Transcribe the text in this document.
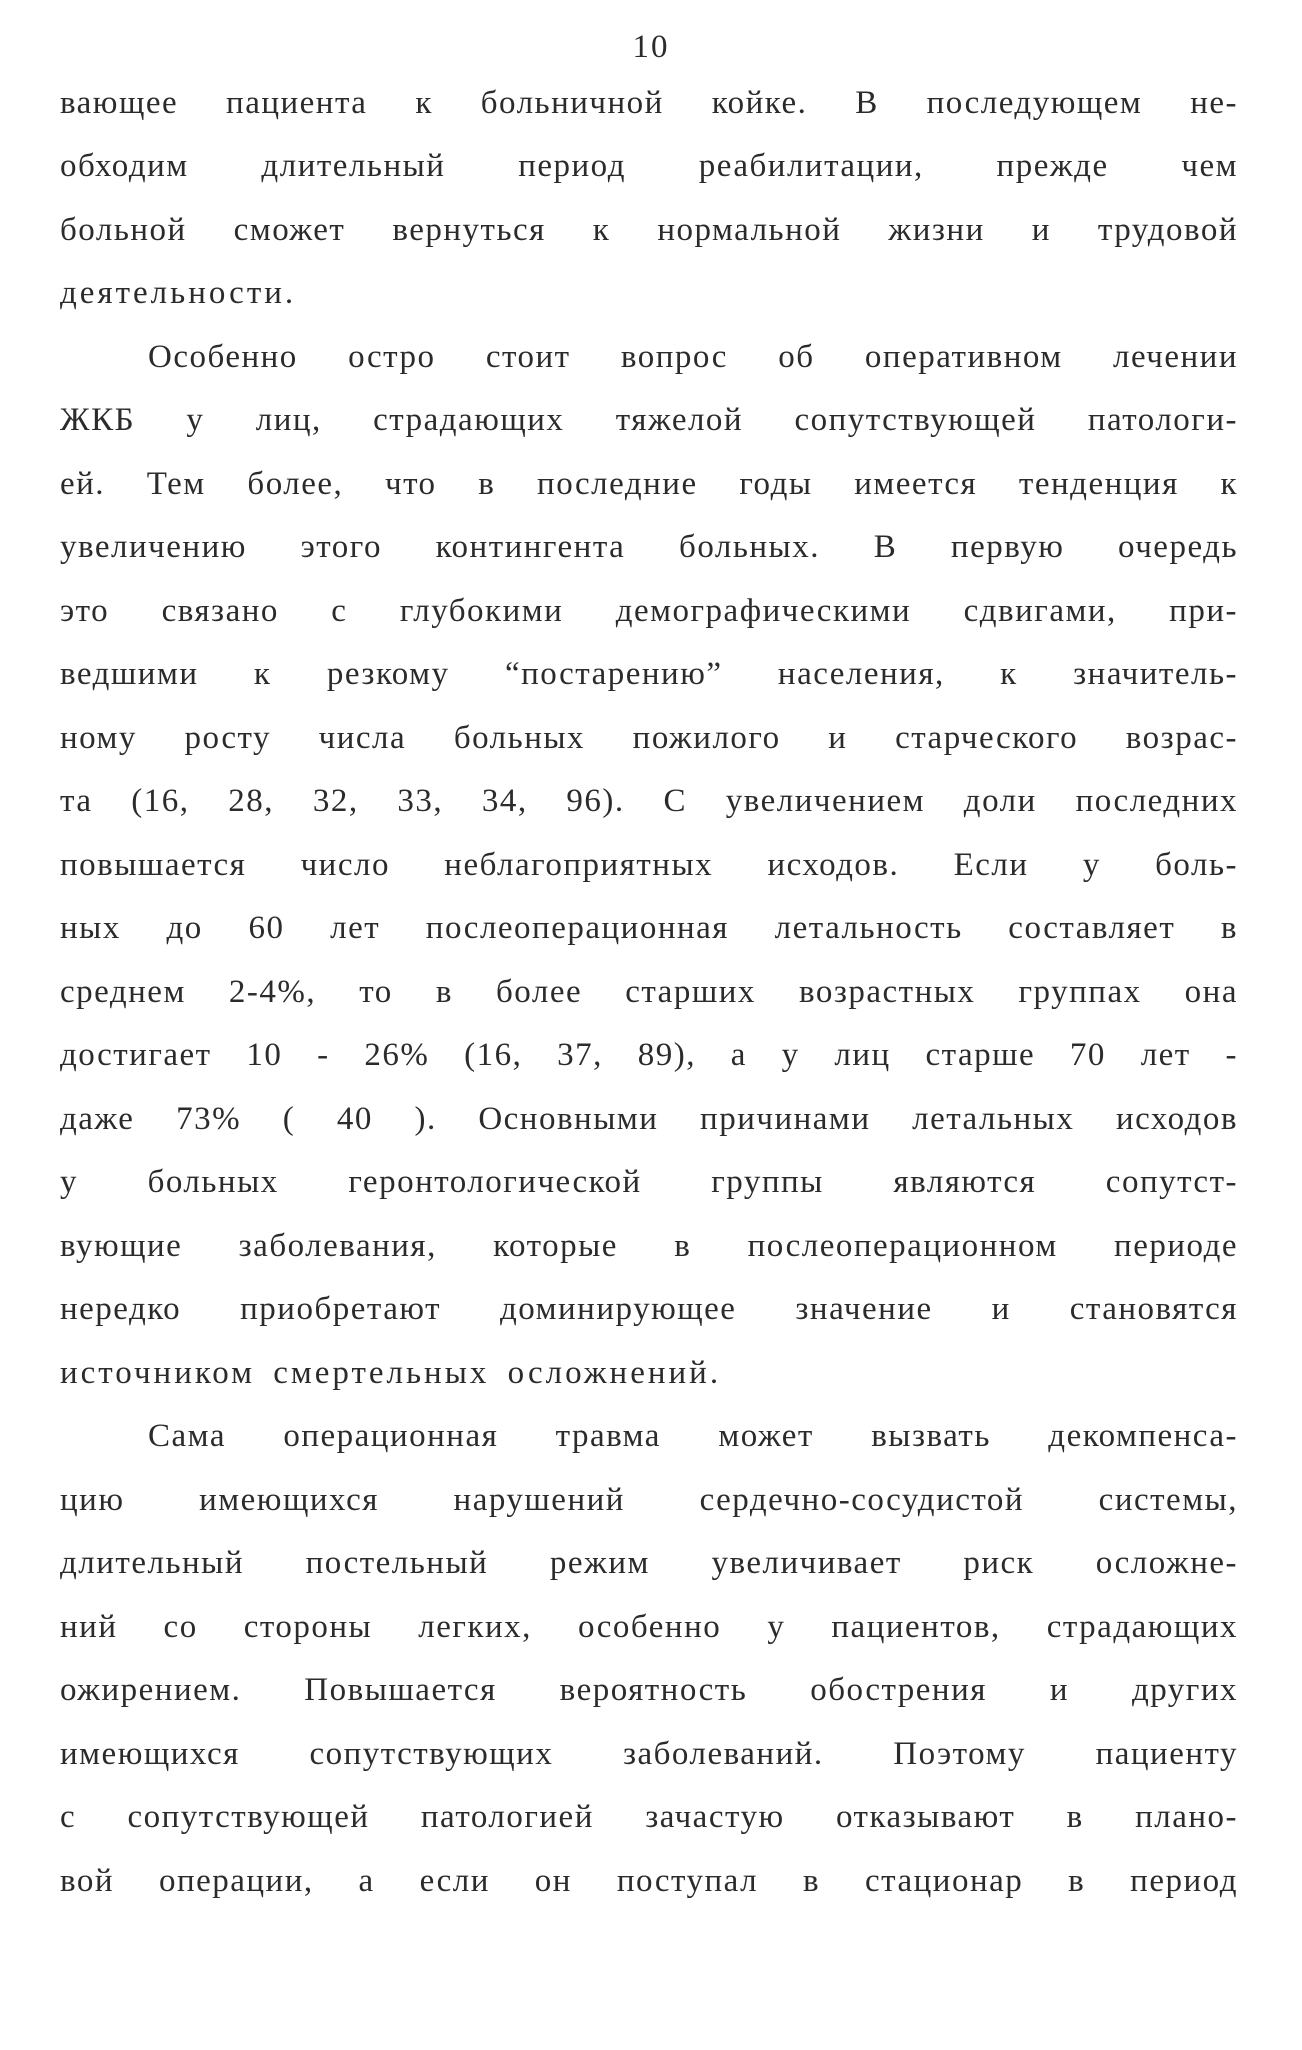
10
вающее пациента к больничной койке. В последующем не-
обходим длительный период реабилитации, прежде чем
больной сможет вернуться к нормальной жизни и трудовой
деятельности.
Особенно остро стоит вопрос об оперативном лечении
ЖКБ у лиц, страдающих тяжелой сопутствующей патологи-
ей. Тем более, что в последние годы имеется тенденция к
увеличению этого контингента больных. В первую очередь
это связано с глубокими демографическими сдвигами, при-
ведшими к резкому “постарению” населения, к значитель-
ному росту числа больных пожилого и старческого возрас-
та (16, 28, 32, 33, 34, 96). С увеличением доли последних
повышается число неблагоприятных исходов. Если у боль-
ных до 60 лет послеоперационная летальность составляет в
среднем 2-4%, то в более старших возрастных группах она
достигает 10 - 26% (16, 37, 89), а у лиц старше 70 лет -
даже 73% ( 40 ). Основными причинами летальных исходов
у больных геронтологической группы являются сопутст-
вующие заболевания, которые в послеоперационном периоде
нередко приобретают доминирующее значение и становятся
источником смертельных осложнений.
Сама операционная травма может вызвать декомпенса-
цию имеющихся нарушений сердечно-сосудистой системы,
длительный постельный режим увеличивает риск осложне-
ний со стороны легких, особенно у пациентов, страдающих
ожирением. Повышается вероятность обострения и других
имеющихся сопутствующих заболеваний. Поэтому пациенту
с сопутствующей патологией зачастую отказывают в плано-
вой операции, а если он поступал в стационар в период
